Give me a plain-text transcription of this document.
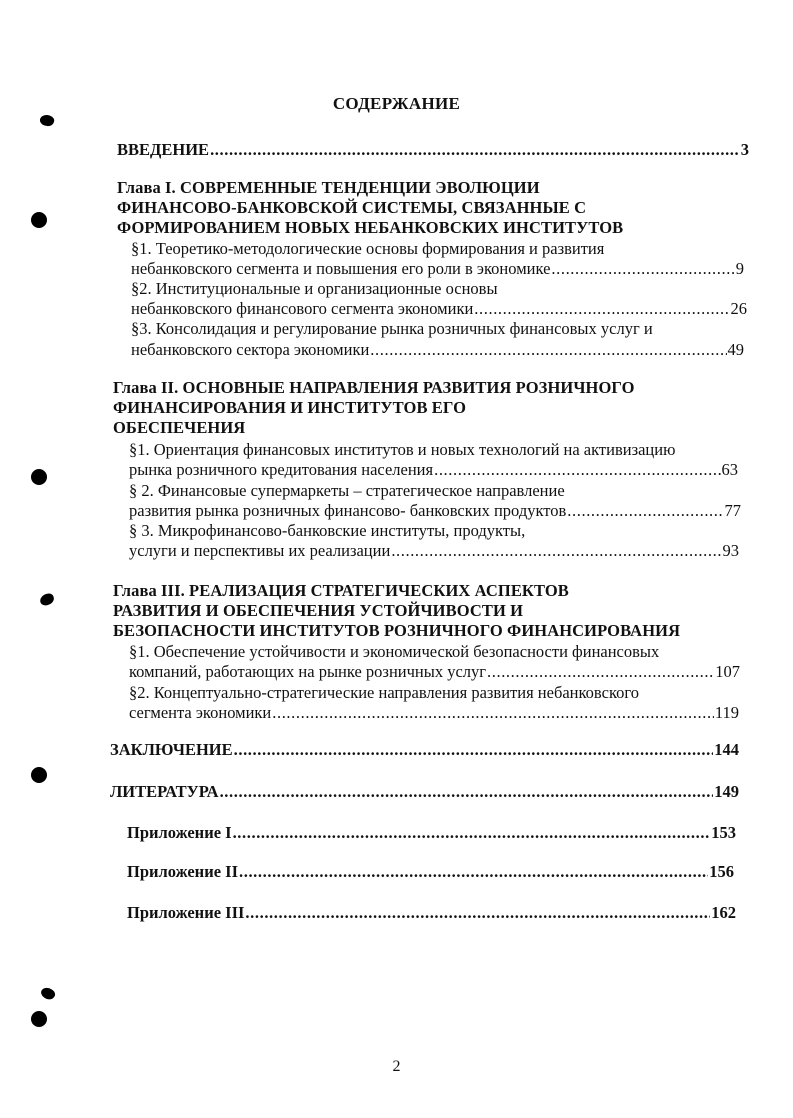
СОДЕРЖАНИЕ
ВВЕДЕНИЕ .....	3
Глава I. СОВРЕМЕННЫЕ ТЕНДЕНЦИИ ЭВОЛЮЦИИ
ФИНАНСОВО-БАНКОВСКОЙ СИСТЕМЫ, СВЯЗАННЫЕ С
ФОРМИРОВАНИЕМ НОВЫХ НЕБАНКОВСКИХ ИНСТИТУТОВ
§1. Теоретико-методологические основы формирования и развития
небанковского сегмента и повышения его роли в экономике .....	9
§2. Институциональные и организационные основы
небанковского финансового сегмента экономики .....	26
§3. Консолидация и регулирование рынка розничных финансовых услуг и
небанковского сектора экономики .....	49
Глава II. ОСНОВНЫЕ НАПРАВЛЕНИЯ РАЗВИТИЯ РОЗНИЧНОГО
ФИНАНСИРОВАНИЯ И ИНСТИТУТОВ ЕГО
ОБЕСПЕЧЕНИЯ
§1. Ориентация финансовых институтов и новых технологий на активизацию
рынка розничного кредитования населения .....	63
§ 2. Финансовые супермаркеты – стратегическое направление
развития рынка розничных финансово- банковских продуктов .....	77
§ 3. Микрофинансово-банковские институты, продукты,
услуги и перспективы их реализации .....	93
Глава III. РЕАЛИЗАЦИЯ СТРАТЕГИЧЕСКИХ АСПЕКТОВ
РАЗВИТИЯ И ОБЕСПЕЧЕНИЯ УСТОЙЧИВОСТИ И
БЕЗОПАСНОСТИ ИНСТИТУТОВ РОЗНИЧНОГО ФИНАНСИРОВАНИЯ
§1. Обеспечение устойчивости и экономической безопасности финансовых
компаний, работающих на рынке розничных услуг .....	107
§2. Концептуально-стратегические направления развития небанковского
сегмента экономики .....	119
ЗАКЛЮЧЕНИЕ .....	144
ЛИТЕРАТУРА .....	149
Приложение I .....	153
Приложение II .....	156
Приложение III .....	162
2
